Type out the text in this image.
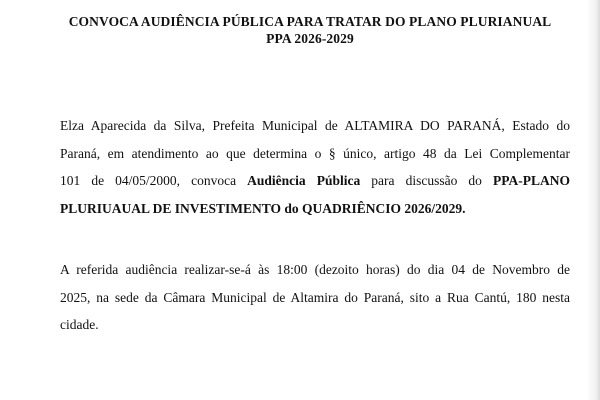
CONVOCA AUDIÊNCIA PÚBLICA PARA TRATAR DO PLANO PLURIANUAL
PPA 2026-2029
Elza Aparecida da Silva, Prefeita Municipal de ALTAMIRA DO PARANÁ, Estado do
Paraná, em atendimento ao que determina o § único, artigo 48 da Lei Complementar
101 de 04/05/2000, convoca Audiência Pública para discussão do PPA-PLANO
PLURIUAUAL DE INVESTIMENTO do QUADRIÊNCIO 2026/2029.
A referida audiência realizar-se-á às 18:00 (dezoito horas) do dia 04 de Novembro de
2025, na sede da Câmara Municipal de Altamira do Paraná, sito a Rua Cantú, 180 nesta
cidade.
